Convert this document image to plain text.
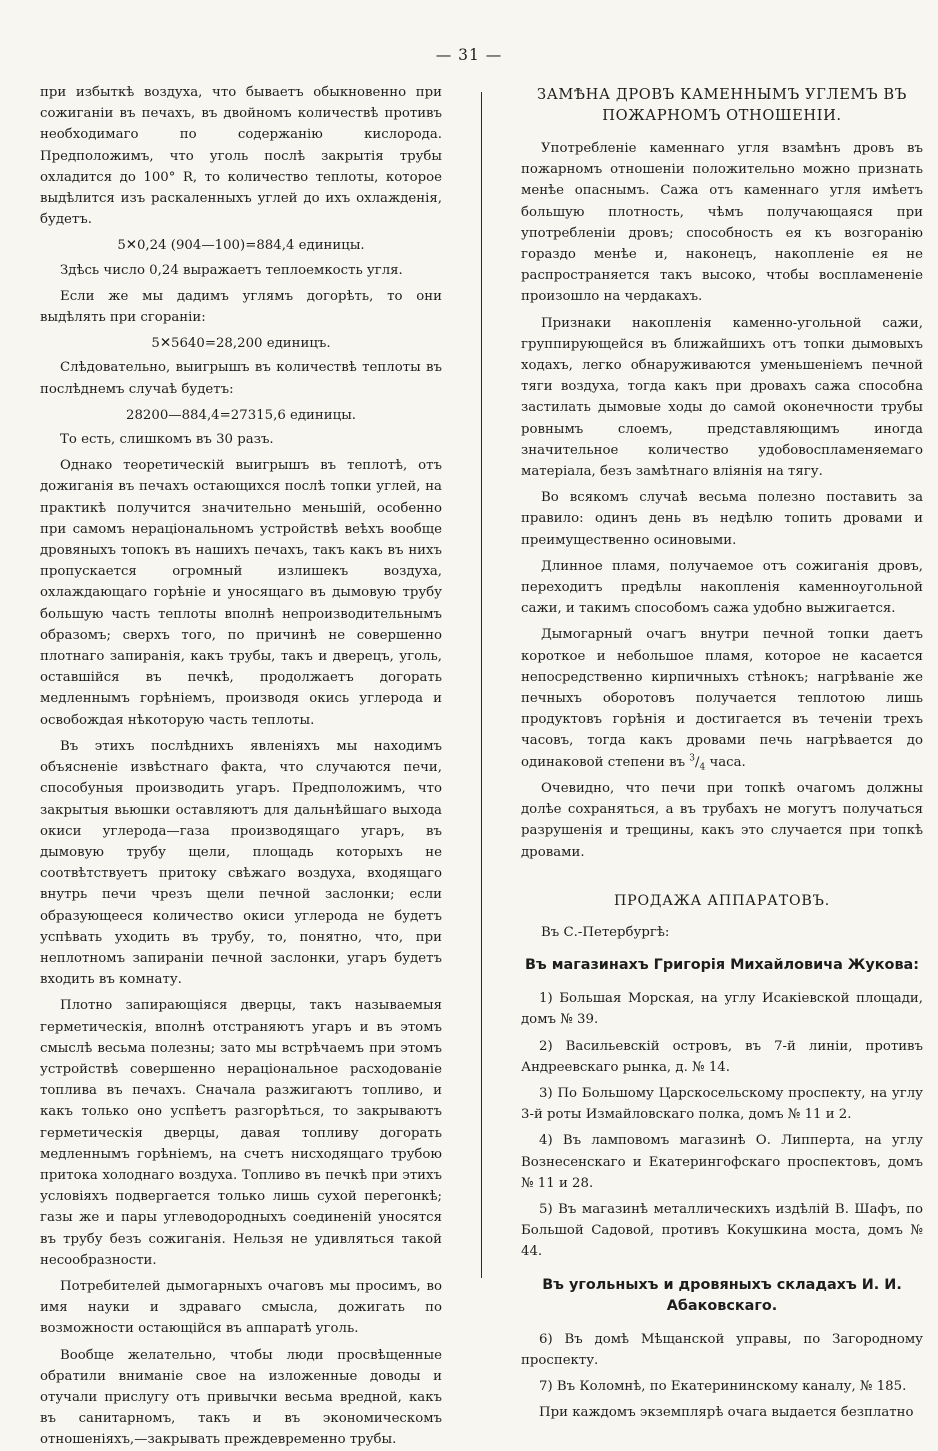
— 31 —

при избыткѣ воздуха, что бываетъ обыкновенно при сожиганіи въ печахъ, въ двойномъ количествѣ противъ необходимаго по содержанію кислорода. Предположимъ, что уголь послѣ закрытія трубы охладится до 100° R, то количество теплоты, которое выдѣлится изъ раскаленныхъ углей до ихъ охлажденія, будетъ.

5✕0,24 (904—100)=884,4 единицы.

Здѣсь число 0,24 выражаетъ теплоемкость угля.

Если же мы дадимъ углямъ догорѣть, то они выдѣлять при сгораніи:

5✕5640=28,200 единицъ.

Слѣдовательно, выигрышъ въ количествѣ теплоты въ послѣднемъ случаѣ будетъ:

28200—884,4=27315,6 единицы.

То есть, слишкомъ въ 30 разъ.

Однако теоретическій выигрышъ въ теплотѣ, отъ дожиганія въ печахъ остающихся послѣ топки углей, на практикѣ получится значительно меньшій, особенно при самомъ нераціональномъ устройствѣ вeѣхъ вообще дровяныхъ топокъ въ нашихъ печахъ, такъ какъ въ нихъ пропускается огромный излишекъ воздуха, охлаждающагo горѣніе и уносящаго въ дымовую трубу большую часть теплоты вполнѣ непроизводительнымъ образомъ; сверхъ того, по причинѣ не совершенно плотнаго запиранія, какъ трубы, такъ и дверецъ, уголь, оставшійся въ печкѣ, продолжаетъ догорать медленнымъ горѣніемъ, производя окись углерода и освобождая нѣкоторую часть теплоты.

Въ этихъ послѣднихъ явленіяхъ мы находимъ объясненіе извѣстнаго факта, что случаются печи, способуныя производить угаръ. Предположимъ, что закрытыя вьюшки оставляютъ для дальнѣйшаго выхода окиси углерода—газа производящаго угаръ, въ дымовую трубу щели, площадь которыхъ не соотвѣтствуетъ притоку свѣжаго воздуха, входящаго внутрь печи чрезъ щели печной заслонки; если образующееся количество окиси углерода не будетъ успѣвать уходить въ трубу, то, понятно, что, при неплотномъ запираніи печной заслонки, угаръ будетъ входить въ комнату.

Плотно запирающіяся дверцы, такъ называемыя герметическія, вполнѣ отстраняютъ угаръ и въ этомъ смыслѣ весьма полезны; зато мы встрѣчаемъ при этомъ устройствѣ совершенно нераціональное расходованіе топлива въ печахъ. Сначала разжигаютъ топливо, и какъ только оно успѣетъ разгорѣться, то закрываютъ герметическія дверцы, давая топливу догорать медленнымъ горѣніемъ, на счетъ нисходящаго трубою притока холоднаго воздуха. Топливо въ печкѣ при этихъ условіяхъ подвергается только лишь сухой перегонкѣ; газы же и пары углеводородныхъ соединеній уносятся въ трубу безъ сожиганія. Нельзя не удивляться такой несообразности.

Потребителей дымогарныхъ очаговъ мы просимъ, во имя науки и здраваго смысла, дожигать по возможности остающійся въ аппаратѣ уголь.

Вообще желательно, чтобы люди просвѣщенные обратили вниманіе свое на изложенные доводы и отучали прислугу отъ привычки весьма вредной, какъ въ санитарномъ, такъ и въ экономическомъ отношеніяхъ,—закрывать преждевременно трубы.

ЗАМѢНА ДРОВЪ КАМЕННЫМЪ УГЛЕМЪ ВЪ ПОЖАРНОМЪ ОТНОШЕНІИ.

Употребленіе каменнаго угля взамѣнъ дровъ въ пожарномъ отношеніи положительно можно признать менѣе опаснымъ. Сажа отъ каменнаго угля имѣетъ большую плотность, чѣмъ получающаяся при употребленіи дровъ; способность ея къ возгоранію гораздо менѣе и, наконецъ, накопленіе ея не распространяется такъ высоко, чтобы воспламененіе произошло на чердакахъ.

Признаки накопленія каменно-угольной сажи, группирующейся въ ближайшихъ отъ топки дымовыхъ ходахъ, легко обнаруживаются уменьшеніемъ печной тяги воздуха, тогда какъ при дровахъ сажа способна застилать дымовые ходы до самой оконечности трубы ровнымъ слоемъ, представляющимъ иногда значительное количество удобовоспламеняемаго матеріала, безъ замѣтнаго вліянія на тягу.

Во всякомъ случаѣ весьма полезно поставить за правило: одинъ день въ недѣлю топить дровами и преимущественно осиновыми.

Длинное пламя, получаемое отъ сожиганія дровъ, переходитъ предѣлы накопленія каменноугольной сажи, и такимъ способомъ сажа удобно выжигается.

Дымогарный очагъ внутри печной топки даетъ короткое и небольшое пламя, которое не касается непосредственно кирпичныхъ стѣнокъ; нагрѣваніе же печныхъ оборотовъ получается теплотою лишь продуктовъ горѣнія и достигается въ теченіи трехъ часовъ, тогда какъ дровами печь нагрѣвается до одинаковой степени въ $^3/_4$ часа.

Очевидно, что печи при топкѣ очагомъ должны долѣе сохраняться, а въ трубахъ не могутъ получаться разрушенія и трещины, какъ это случается при топкѣ дровами.

ПРОДАЖА АППАРАТОВЪ.

Въ С.-Петербургѣ:

Въ магазинахъ Григорія Михайловича Жукова:

1) Большая Морская, на углу Исакіевской площади, домъ № 39.

2) Васильевскій островъ, въ 7-й линіи, противъ Андреевскаго рынка, д. № 14.

3) По Большому Царскосельскому проспекту, на углу 3-й роты Измайловскаго полка, домъ № 11 и 2.

4) Въ ламповомъ магазинѣ О. Липперта, на углу Вознесенскаго и Екатерингофскаго проспектовъ, домъ № 11 и 28.

5) Въ магазинѣ металлическихъ издѣлій В. Шафъ, по Большой Садовой, противъ Кокушкина моста, домъ № 44.

Въ угольныхъ и дровяныхъ складахъ И. И. Абаковскаго.

6) Въ домѣ Мѣщанской управы, по Загородному проспекту.

7) Въ Коломнѣ, по Екатерининскому каналу, № 185.

При каждомъ экземплярѣ очага выдается безплатно
